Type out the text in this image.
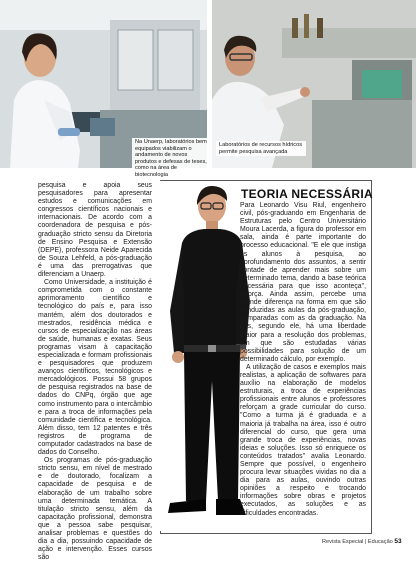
Na Unaerp, laboratórios bem equipados viabilizam o andamento de novos produtos e defesas de teses, como na área de biotecnologia
Laboratórios de recursos hídricos permite pesquisa avançada

pesquisa e apoia seus pesquisadores para apresentar estudos e comunicações em congressos científicos nacionais e internacionais. De acordo com a coordenadora de pesquisa e pós-graduação stricto sensu da Diretoria de Ensino Pesquisa e Extensão (DEPE), professora Neide Aparecida de Souza Lehfeld, a pós-graduação é uma das prerrogativas que diferenciam a Unaerp.

Como Universidade, a instituição é comprometida com o constante aprimoramento científico e tecnológico do país e, para isso mantém, além dos doutorados e mestrados, residência médica e cursos de especialização nas áreas de saúde, humanas e exatas. Seus programas visam à capacitação especializada e formam profissionais e pesquisadores que produzem avanços científicos, tecnológicos e mercadológicos. Possui 58 grupos de pesquisa registrados na base de dados do CNPq, órgão que age como instrumento para o intercâmbio e para a troca de informações pela comunidade científica e tecnológica. Além disso, tem 12 patentes e três registros de programa de computador cadastrados na base de dados do Conselho.

Os programas de pós-graduação stricto sensu, em nível de mestrado e de doutorado, focalizam a capacidade de pesquisa e de elaboração de um trabalho sobre uma determinada temática. A titulação stricto sensu, além da capacitação profissional, demonstra que a pessoa sabe pesquisar, analisar problemas e questões do dia a dia, possuindo capacidade de ação e intervenção. Esses cursos são

TEORIA NECESSÁRIA

Para Leonardo Visu Riul, engenheiro civil, pós-graduando em Engenharia de Estruturas pelo Centro Universitário Moura Lacerda, a figura do professor em sala, ainda é parte importante do processo educacional. "E ele que instiga os alunos à pesquisa, ao aprofundamento dos assuntos, a sentir vontade de aprender mais sobre um determinado tema, dando a base teórica necessária para que isso aconteça", reforça. Ainda assim, percebe uma grande diferença na forma em que são conduzidas as aulas da pós-graduação, comparadas com as da graduação. Na pós, segundo ele, há uma liberdade maior para a resolução dos problemas, em que são estudadas várias possibilidades para solução de um determinado cálculo, por exemplo.

A utilização de casos e exemplos mais realistas, a aplicação de softwares para auxílio na elaboração de modelos estruturais, a troca de experiências profissionais entre alunos e professores reforçam a grade curricular do curso. "Como a turma já é graduada e a maioria já trabalha na área, isso é outro diferencial do curso, que gera uma grande troca de experiências, novas ideias e soluções. Isso só enriquece os conteúdos tratados" avalia Leonardo. Sempre que possível, o engenheiro procura levar situações vividas no dia a dia para as aulas, ouvindo outras opiniões a respeito e trocando informações sobre obras e projetos executados, as soluções e as dificuldades encontradas.

Revista Especial | Educação 53
